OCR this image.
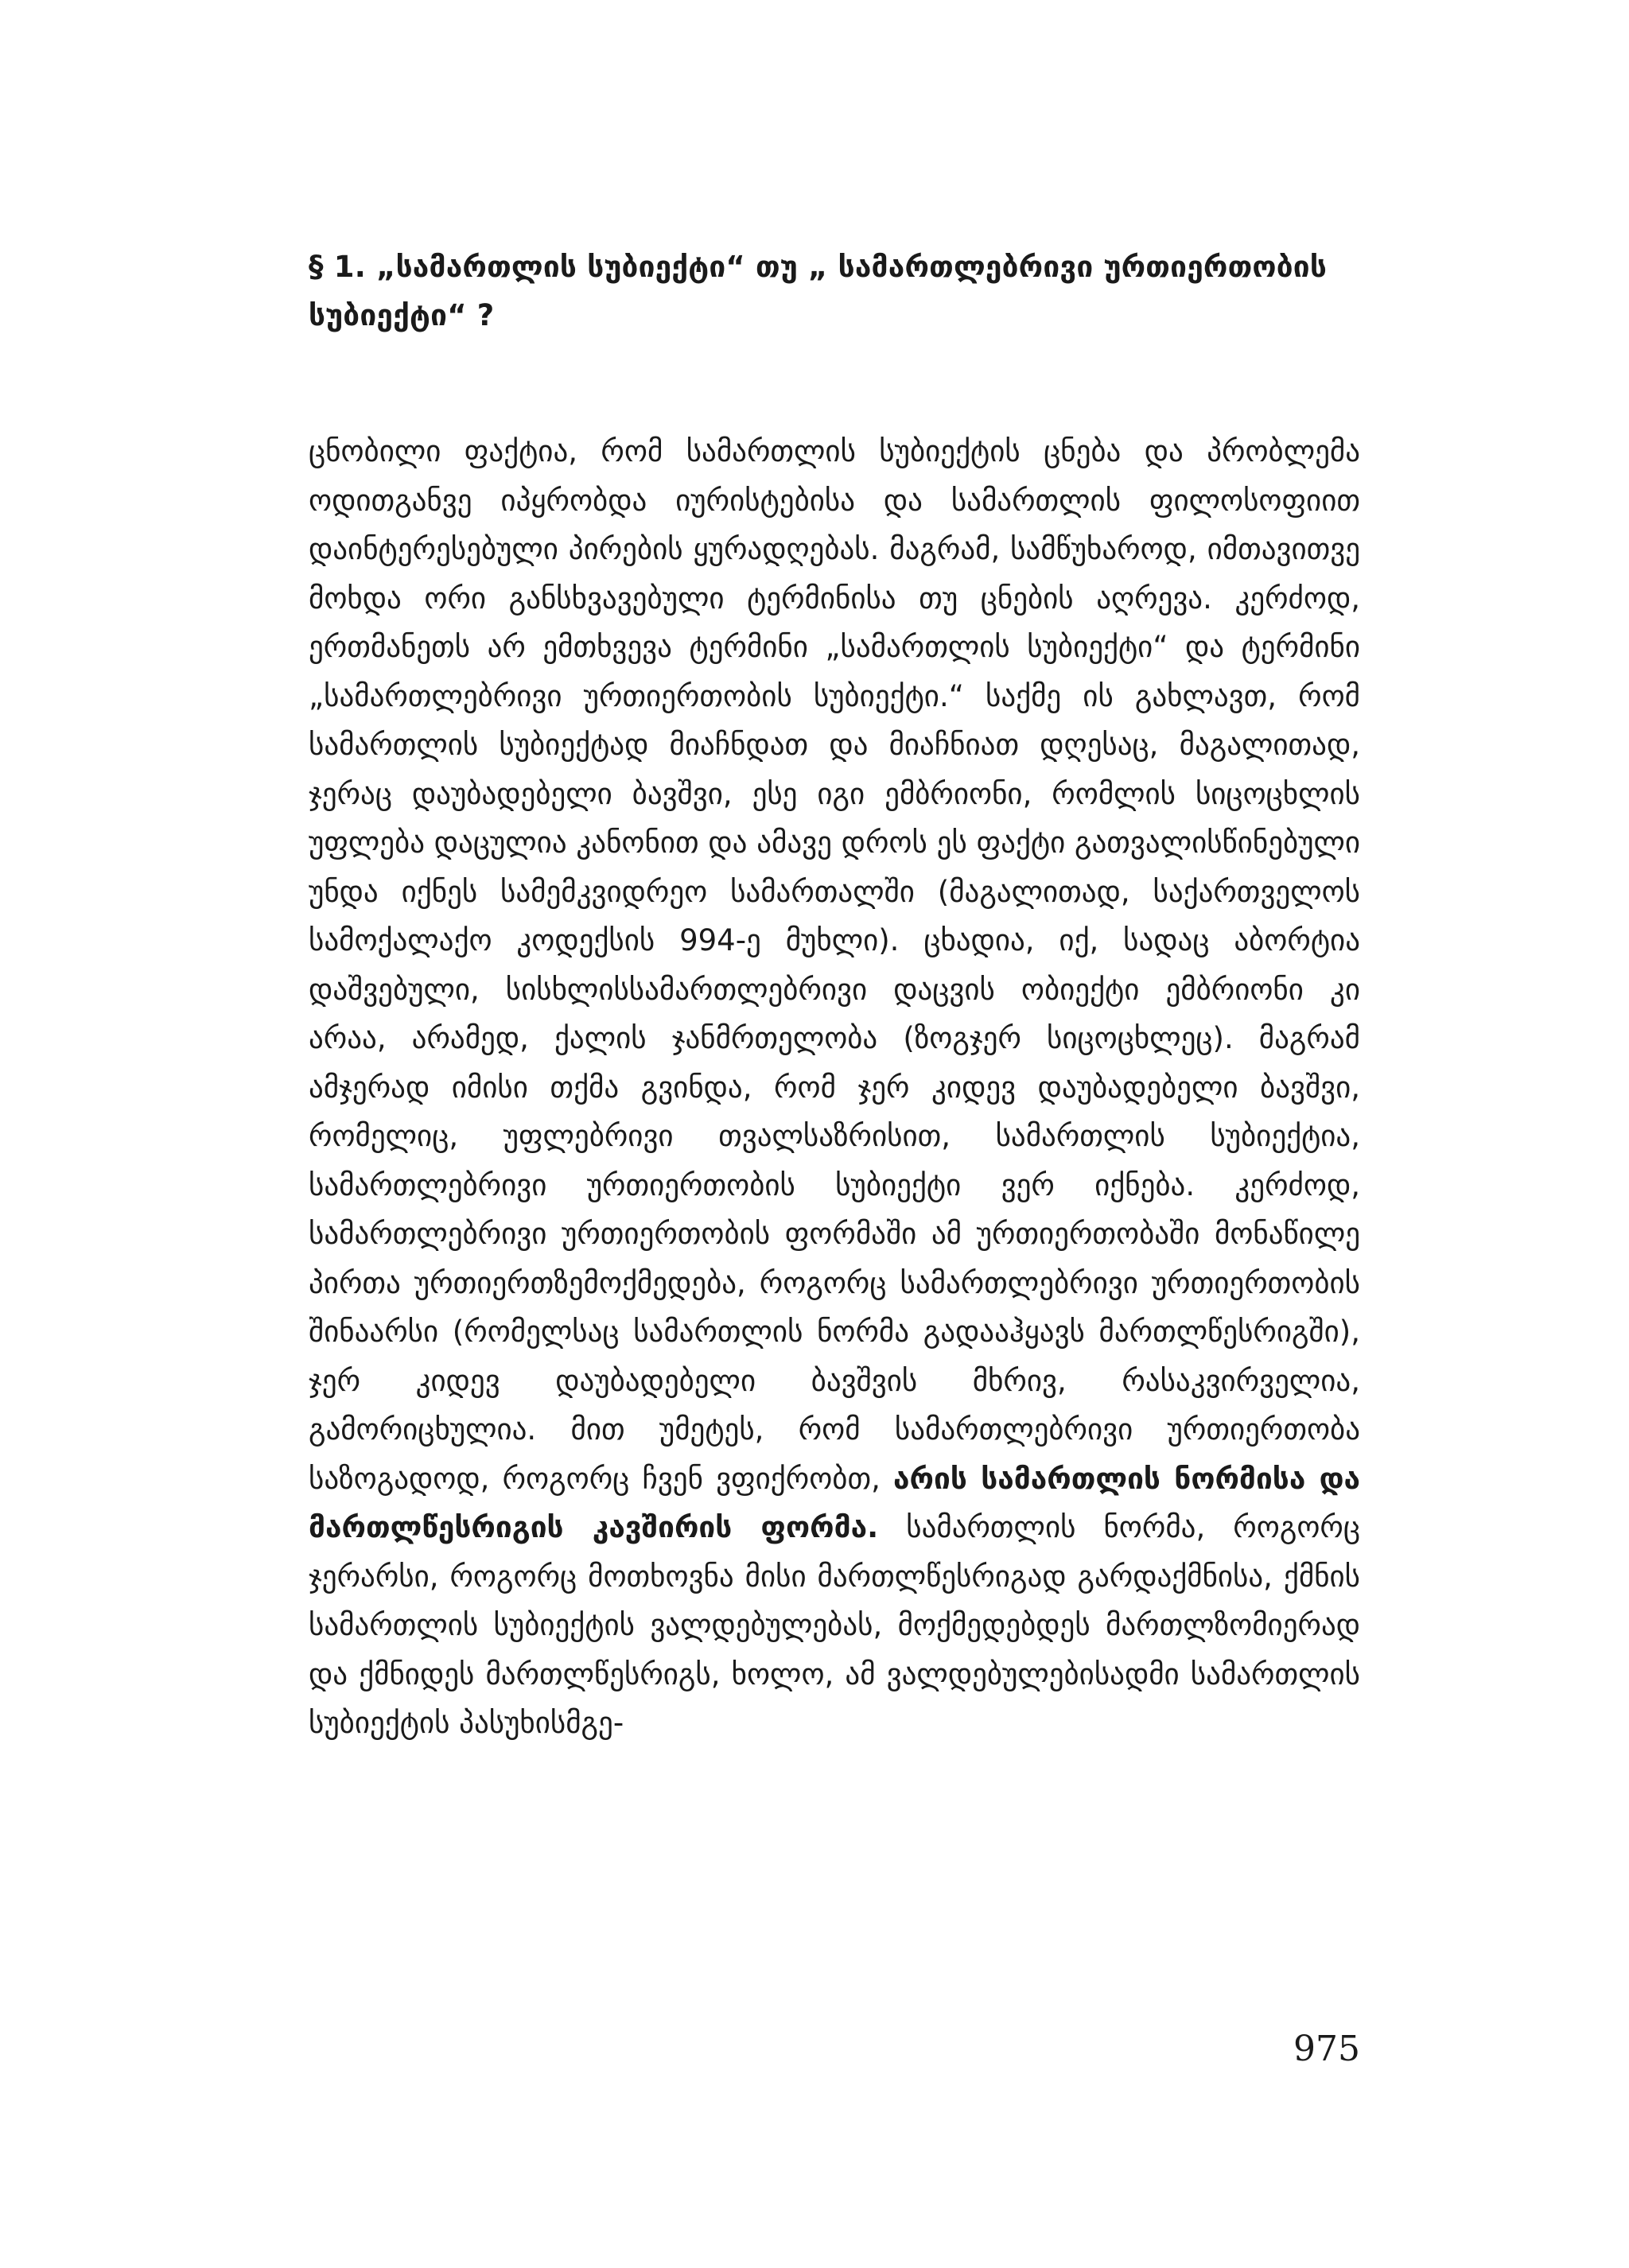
§ 1. „სამართლის სუბიექტი“ თუ „ სამართლებრივი ურთიერთობის სუბიექტი“ ?

ცნობილი ფაქტია, რომ სამართლის სუბიექტის ცნება და პრობლემა ოდითგანვე იპყრობდა იურისტებისა და სამართლის ფილოსოფიით დაინტერესებული პირების ყურადღებას. მაგრამ, სამწუხაროდ, იმთავითვე მოხდა ორი განსხვავებული ტერმინისა თუ ცნების აღრევა. კერძოდ, ერთმანეთს არ ემთხვევა ტერმინი „სამართლის სუბიექტი“ და ტერმინი „სამართლებრივი ურთიერთობის სუბიექტი.“ საქმე ის გახლავთ, რომ სამართლის სუბიექტად მიაჩნდათ და მიაჩნიათ დღესაც, მაგალითად, ჯერაც დაუბადებელი ბავშვი, ესე იგი ემბრიონი, რომლის სიცოცხლის უფლება დაცულია კანონით და ამავე დროს ეს ფაქტი გათვალისწინებული უნდა იქნეს სამემკვიდრეო სამართალში (მაგალითად, საქართველოს სამოქალაქო კოდექსის 994-ე მუხლი). ცხადია, იქ, სადაც აბორტია დაშვებული, სისხლისსამართლებრივი დაცვის ობიექტი ემბრიონი კი არაა, არამედ, ქალის ჯანმრთელობა (ზოგჯერ სიცოცხლეც). მაგრამ ამჯერად იმისი თქმა გვინდა, რომ ჯერ კიდევ დაუბადებელი ბავშვი, რომელიც, უფლებრივი თვალსაზრისით, სამართლის სუბიექტია, სამართლებრივი ურთიერთობის სუბიექტი ვერ იქნება. კერძოდ, სამართლებრივი ურთიერთობის ფორმაში ამ ურთიერთობაში მონაწილე პირთა ურთიერთზემოქმედება, როგორც სამართლებრივი ურთიერთობის შინაარსი (რომელსაც სამართლის ნორმა გადააჰყავს მართლწესრიგში), ჯერ კიდევ დაუბადებელი ბავშვის მხრივ, რასაკვირველია, გამორიცხულია. მით უმეტეს, რომ სამართლებრივი ურთიერთობა საზოგადოდ, როგორც ჩვენ ვფიქრობთ, არის სამართლის ნორმისა და მართლწესრიგის კავშირის ფორმა. სამართლის ნორმა, როგორც ჯერარსი, როგორც მოთხოვნა მისი მართლწესრიგად გარდაქმნისა, ქმნის სამართლის სუბიექტის ვალდებულებას, მოქმედებდეს მართლზომიერად და ქმნიდეს მართლწესრიგს, ხოლო, ამ ვალდებულებისადმი სამართლის სუბიექტის პასუხისმგე-

975
